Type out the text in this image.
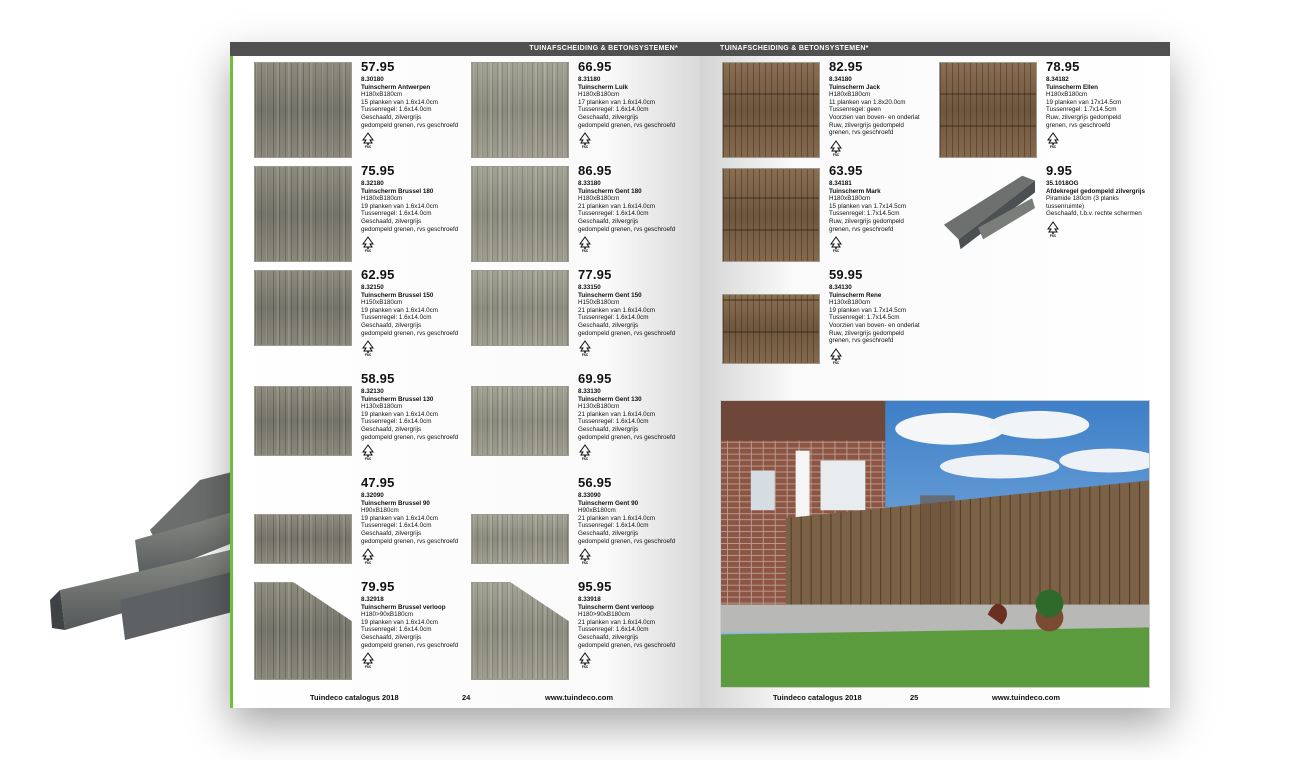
TUINAFSCHEIDING & BETONSYSTEMEN*
57.95
8.30180
Tuinscherm Antwerpen
H180xB180cm
15 planken van 1.6x14.0cm
Tussenregel: 1.6x14.0cm
Geschaafd, zilvergrijs
gedompeld grenen, rvs geschroefd
FSC
75.95
8.32180
Tuinscherm Brussel 180
H180xB180cm
19 planken van 1.6x14.0cm
Tussenregel: 1.6x14.0cm
Geschaafd, zilvergrijs
gedompeld grenen, rvs geschroefd
FSC
62.95
8.32150
Tuinscherm Brussel 150
H150xB180cm
19 planken van 1.6x14.0cm
Tussenregel: 1.6x14.0cm
Geschaafd, zilvergrijs
gedompeld grenen, rvs geschroefd
FSC
58.95
8.32130
Tuinscherm Brussel 130
H130xB180cm
19 planken van 1.6x14.0cm
Tussenregel: 1.6x14.0cm
Geschaafd, zilvergrijs
gedompeld grenen, rvs geschroefd
FSC
47.95
8.32090
Tuinscherm Brussel 90
H90xB180cm
19 planken van 1.6x14.0cm
Tussenregel: 1.6x14.0cm
Geschaafd, zilvergrijs
gedompeld grenen, rvs geschroefd
FSC
79.95
8.32918
Tuinscherm Brussel verloop
H180>90xB180cm
19 planken van 1.6x14.0cm
Tussenregel: 1.6x14.0cm
Geschaafd, zilvergrijs
gedompeld grenen, rvs geschroefd
FSC
66.95
8.31180
Tuinscherm Luik
H180xB180cm
17 planken van 1.6x14.0cm
Tussenregel: 1.6x14.0cm
Geschaafd, zilvergrijs
gedompeld grenen, rvs geschroefd
FSC
86.95
8.33180
Tuinscherm Gent 180
H180xB180cm
21 planken van 1.6x14.0cm
Tussenregel: 1.6x14.0cm
Geschaafd, zilvergrijs
gedompeld grenen, rvs geschroefd
FSC
77.95
8.33150
Tuinscherm Gent 150
H150xB180cm
21 planken van 1.6x14.0cm
Tussenregel: 1.6x14.0cm
Geschaafd, zilvergrijs
gedompeld grenen, rvs geschroefd
FSC
69.95
8.33130
Tuinscherm Gent 130
H130xB180cm
21 planken van 1.6x14.0cm
Tussenregel: 1.6x14.0cm
Geschaafd, zilvergrijs
gedompeld grenen, rvs geschroefd
FSC
56.95
8.33090
Tuinscherm Gent 90
H90xB180cm
21 planken van 1.6x14.0cm
Tussenregel: 1.6x14.0cm
Geschaafd, zilvergrijs
gedompeld grenen, rvs geschroefd
FSC
95.95
8.33918
Tuinscherm Gent verloop
H180>90xB180cm
21 planken van 1.6x14.0cm
Tussenregel: 1.6x14.0cm
Geschaafd, zilvergrijs
gedompeld grenen, rvs geschroefd
FSC
Tuindeco catalogus 2018	24	www.tuindeco.com
TUINAFSCHEIDING & BETONSYSTEMEN*
82.95
8.34180
Tuinscherm Jack
H180xB180cm
11 planken van 1.8x20.0cm
Tussenregel: geen
Voorzien van boven- en onderlat
Ruw, zilvergrijs gedompeld
grenen, rvs geschroefd
FSC
63.95
8.34181
Tuinscherm Mark
H180xB180cm
15 planken van 1.7x14.5cm
Tussenregel: 1.7x14.5cm
Ruw, zilvergrijs gedompeld
grenen, rvs geschroefd
FSC
59.95
8.34130
Tuinscherm Rene
H130xB180cm
19 planken van 1.7x14.5cm
Tussenregel: 1.7x14.5cm
Voorzien van boven- en onderlat
Ruw, zilvergrijs gedompeld
grenen, rvs geschroefd
FSC
78.95
8.34182
Tuinscherm Ellen
H180xB180cm
19 planken van 17x14.5cm
Tussenregel: 1.7x14.5cm
Ruw, zilvergrijs gedompeld
grenen, rvs geschroefd
FSC
9.95
35.1018OG
Afdekregel gedompeld zilvergrijs
Piramide 180cm (3 planks
tussenruimte)
Geschaafd, t.b.v. rechte schermen
FSC
Tuindeco catalogus 2018	25	www.tuindeco.com
